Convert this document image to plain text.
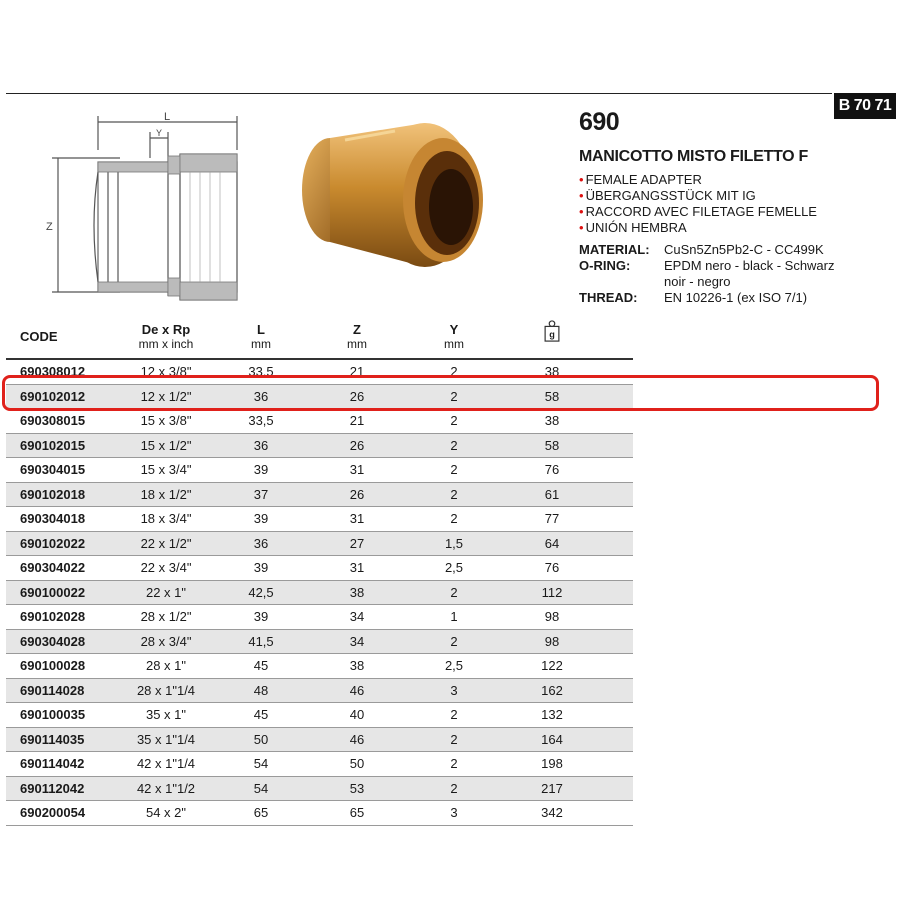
B 70 71
L
Y
Z
690
MANICOTTO MISTO FILETTO F
• FEMALE ADAPTER
• ÜBERGANGSSTÜCK MIT IG
• RACCORD AVEC FILETAGE FEMELLE
• UNIÓN HEMBRA
MATERIAL: CuSn5Zn5Pb2-C - CC499K
O-RING:	EPDM nero - black - Schwarz
noir - negro
THREAD: EN 10226-1 (ex ISO 7/1)
CODE	De x Rp
mm x inch
L
mm
Z
mm
Y
mm
g
690308012	12 x 3/8"	33,5	21	2	38
690102012	12 x 1/2"	36	26	2	58
690308015	15 x 3/8"	33,5	21	2	38
690102015	15 x 1/2"	36	26	2	58
690304015	15 x 3/4"	39	31	2	76
690102018	18 x 1/2"	37	26	2	61
690304018	18 x 3/4"	39	31	2	77
690102022	22 x 1/2"	36	27	1,5	64
690304022	22 x 3/4"	39	31	2,5	76
690100022	22 x 1"	42,5	38	2	112
690102028	28 x 1/2"	39	34	1	98
690304028	28 x 3/4"	41,5	34	2	98
690100028	28 x 1"	45	38	2,5	122
690114028	28 x 1"1/4	48	46	3	162
690100035	35 x 1"	45	40	2	132
690114035	35 x 1"1/4	50	46	2	164
690114042	42 x 1"1/4	54	50	2	198
690112042	42 x 1"1/2	54	53	2	217
690200054	54 x 2"	65	65	3	342
